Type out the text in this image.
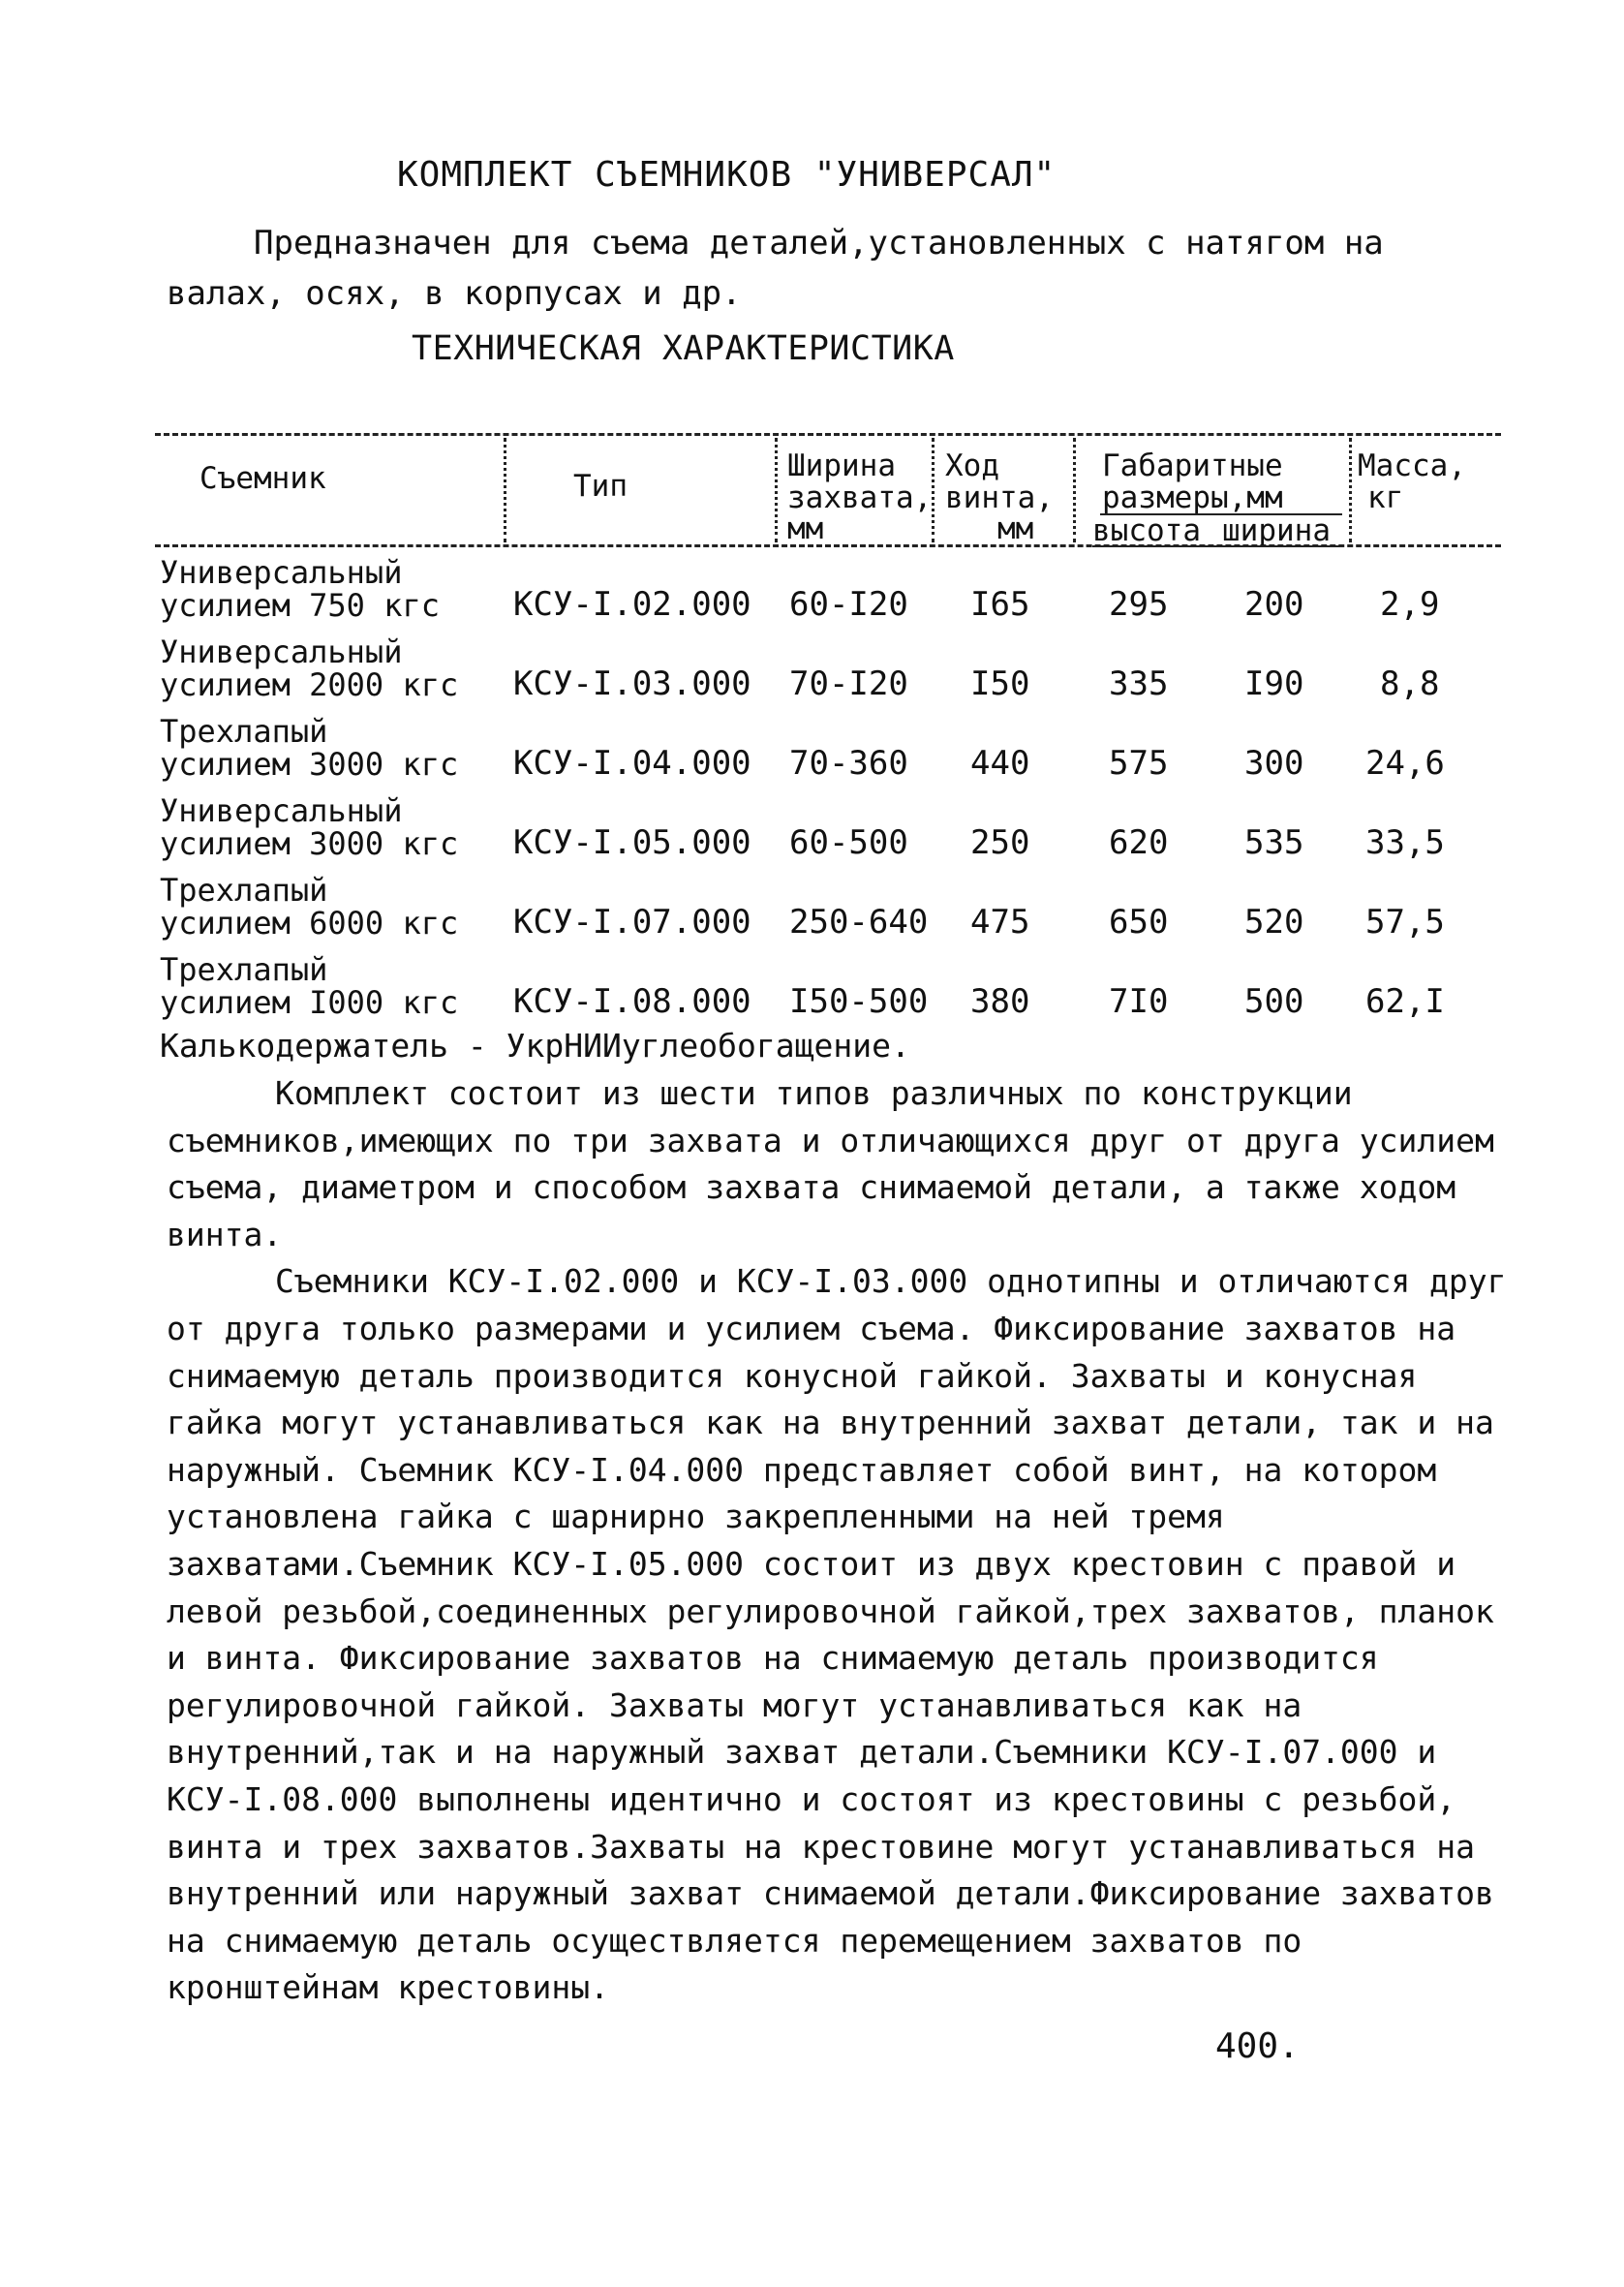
КОМПЛЕКТ СЪЕМНИКОВ "УНИВЕРСАЛ"
Предназначен для съема деталей,установленных с натягом на
валах, осях, в корпусах и др.
ТЕХНИЧЕСКАЯ ХАРАКТЕРИСТИКА
Съемник	Тип
Ширина
захвата,
мм
Ход
винта,
мм
Габаритные
размеры,мм
высота ширина
Масса,
кг
Универсальный
усилием 750 кгс КСУ-I.02.000 60-I20 I65 295 200 2,9
Универсальный
усилием 2000 кгс КСУ-I.03.000 70-I20 I50 335 I90 8,8
Трехлапый
усилием 3000 кгс КСУ-I.04.000 70-360 440 575 300 24,6
Универсальный
усилием 3000 кгс КСУ-I.05.000 60-500 250 620 535 33,5
Трехлапый
усилием 6000 кгс КСУ-I.07.000 250-640 475 650 520 57,5
Трехлапый
усилием I000 кгс КСУ-I.08.000 I50-500 380 7I0 500 62,I
Калькодержатель - УкрНИИуглеобогащение.

Комплект состоит из шести типов различных по конструкции съемников,имеющих по три захвата и отличающихся друг от друга усилием съема, диаметром и способом захвата снимаемой детали, а также ходом винта.

Съемники КСУ-I.02.000 и КСУ-I.03.000 однотипны и отличаются друг от друга только размерами и усилием съема. Фиксирование захватов на снимаемую деталь производится конусной гайкой. Захваты и конусная гайка могут устанавливаться как на внутренний захват детали, так и на наружный. Съемник КСУ-I.04.000 представляет собой винт, на котором установлена гайка с шарнирно закрепленными на ней тремя захватами.Съемник КСУ-I.05.000 состоит из двух крестовин с правой и левой резьбой,соединенных регулировочной гайкой,трех захватов, планок и винта. Фиксирование захватов на снимаемую деталь производится регулировочной гайкой. Захваты могут устанавливаться как на внутренний,так и на наружный захват детали.Съемники КСУ-I.07.000 и КСУ-I.08.000 выполнены идентично и состоят из крестовины с резьбой, винта и трех захватов.Захваты на крестовине могут устанавливаться на внутренний или наружный захват снимаемой детали.Фиксирование захватов на снимаемую деталь осуществляется перемещением захватов по кронштейнам крестовины.

400.
